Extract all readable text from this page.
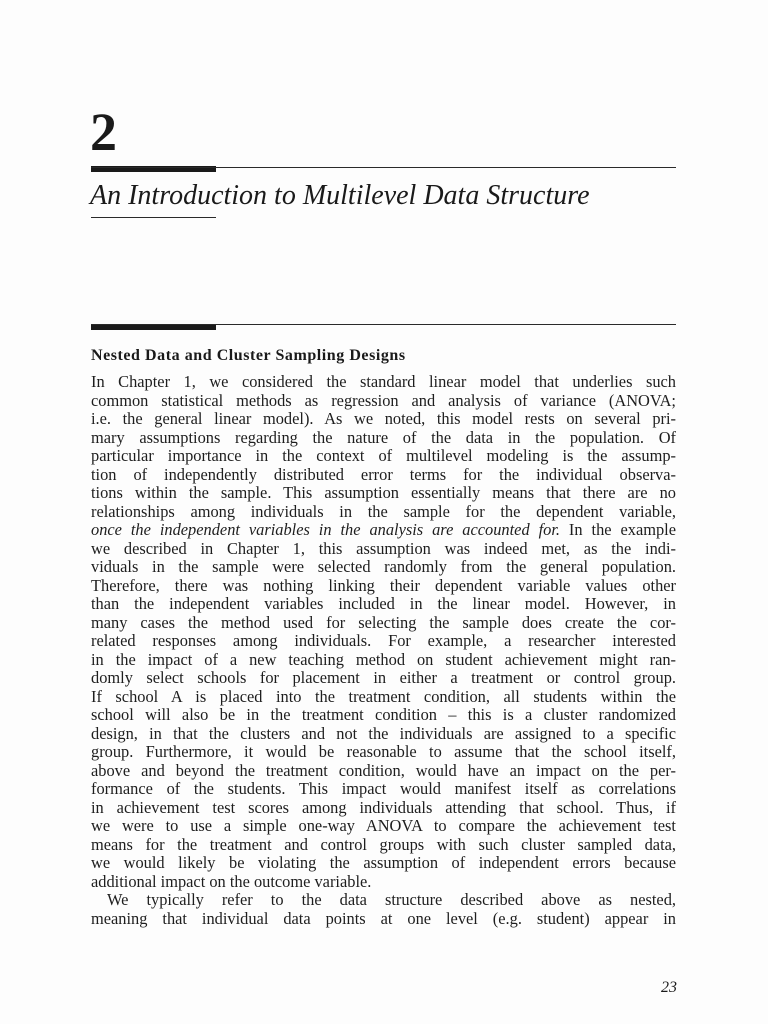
2
An Introduction to Multilevel Data Structure
Nested Data and Cluster Sampling Designs
In Chapter 1, we considered the standard linear model that underlies such
common statistical methods as regression and analysis of variance (ANOVA;
i.e. the general linear model). As we noted, this model rests on several pri-
mary assumptions regarding the nature of the data in the population. Of
particular importance in the context of multilevel modeling is the assump-
tion of independently distributed error terms for the individual observa-
tions within the sample. This assumption essentially means that there are no
relationships among individuals in the sample for the dependent variable,
once the independent variables in the analysis are accounted for. In the example
we described in Chapter 1, this assumption was indeed met, as the indi-
viduals in the sample were selected randomly from the general population.
Therefore, there was nothing linking their dependent variable values other
than the independent variables included in the linear model. However, in
many cases the method used for selecting the sample does create the cor-
related responses among individuals. For example, a researcher interested
in the impact of a new teaching method on student achievement might ran-
domly select schools for placement in either a treatment or control group.
If school A is placed into the treatment condition, all students within the
school will also be in the treatment condition – this is a cluster randomized
design, in that the clusters and not the individuals are assigned to a specific
group. Furthermore, it would be reasonable to assume that the school itself,
above and beyond the treatment condition, would have an impact on the per-
formance of the students. This impact would manifest itself as correlations
in achievement test scores among individuals attending that school. Thus, if
we were to use a simple one-way ANOVA to compare the achievement test
means for the treatment and control groups with such cluster sampled data,
we would likely be violating the assumption of independent errors because
additional impact on the outcome variable.
We typically refer to the data structure described above as nested,
meaning that individual data points at one level (e.g. student) appear in
23
